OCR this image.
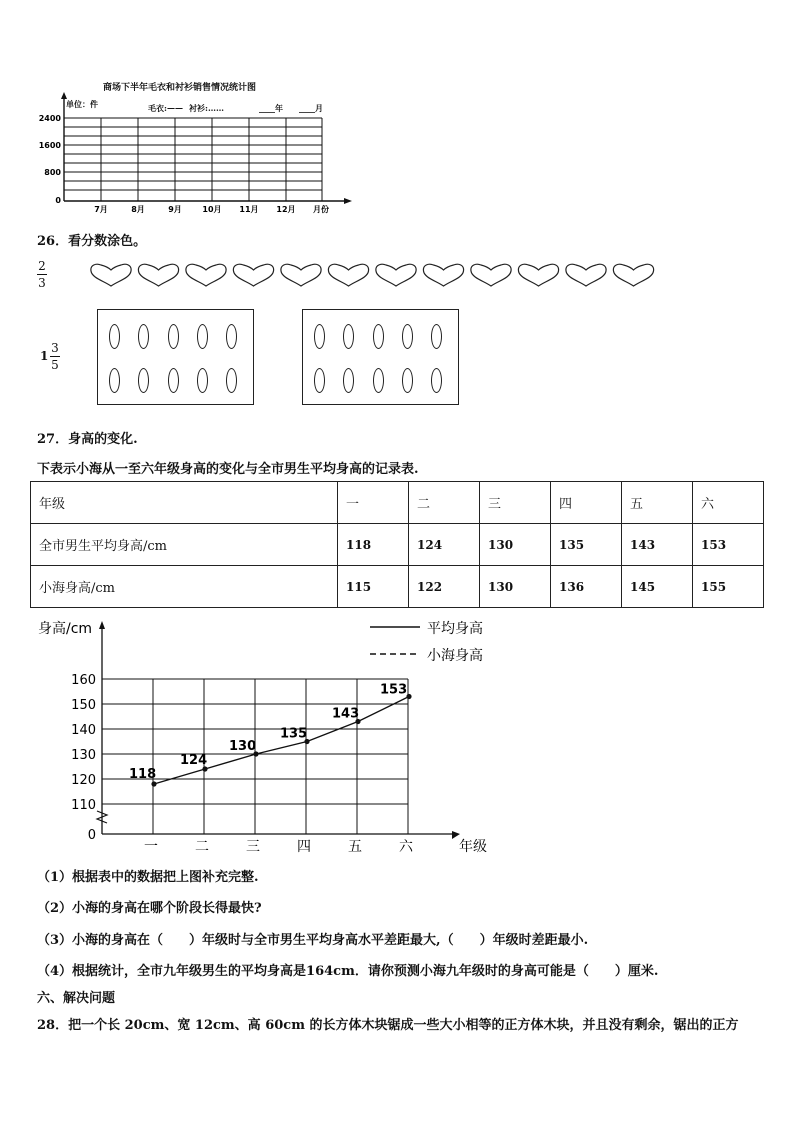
商场下半年毛衣和衬衫销售情况统计图
单位：件	毛衣:—— 衬衫:……	____年 ____月
2400
1600
800
0
7月	8月	9月	10月 11月 12月 月份
26．看分数涂色。
2
3
1
3
5
27．身高的变化.
下表示小海从一至六年级身高的变化与全市男生平均身高的记录表.
年级	一	二	三	四	五	六
全市男生平均身高/cm	118	124	130	135	143	153
小海身高/cm	115	122	130	136	145	155
身高/cm
160
150
140
130
120
110
0
一	二	三	四	五	六	年级
118
124
130
135
143
153
平均身高
小海身高
（1）根据表中的数据把上图补充完整.
（2）小海的身高在哪个阶段长得最快?
（3）小海的身高在（　　）年级时与全市男生平均身高水平差距最大,（　　）年级时差距最小.
（4）根据统计，全市九年级男生的平均身高是164cm．请你预测小海九年级时的身高可能是（　　）厘米.
六、解决问题
28．把一个长 20cm、宽 12cm、高 60cm 的长方体木块锯成一些大小相等的正方体木块，并且没有剩余，锯出的正方
